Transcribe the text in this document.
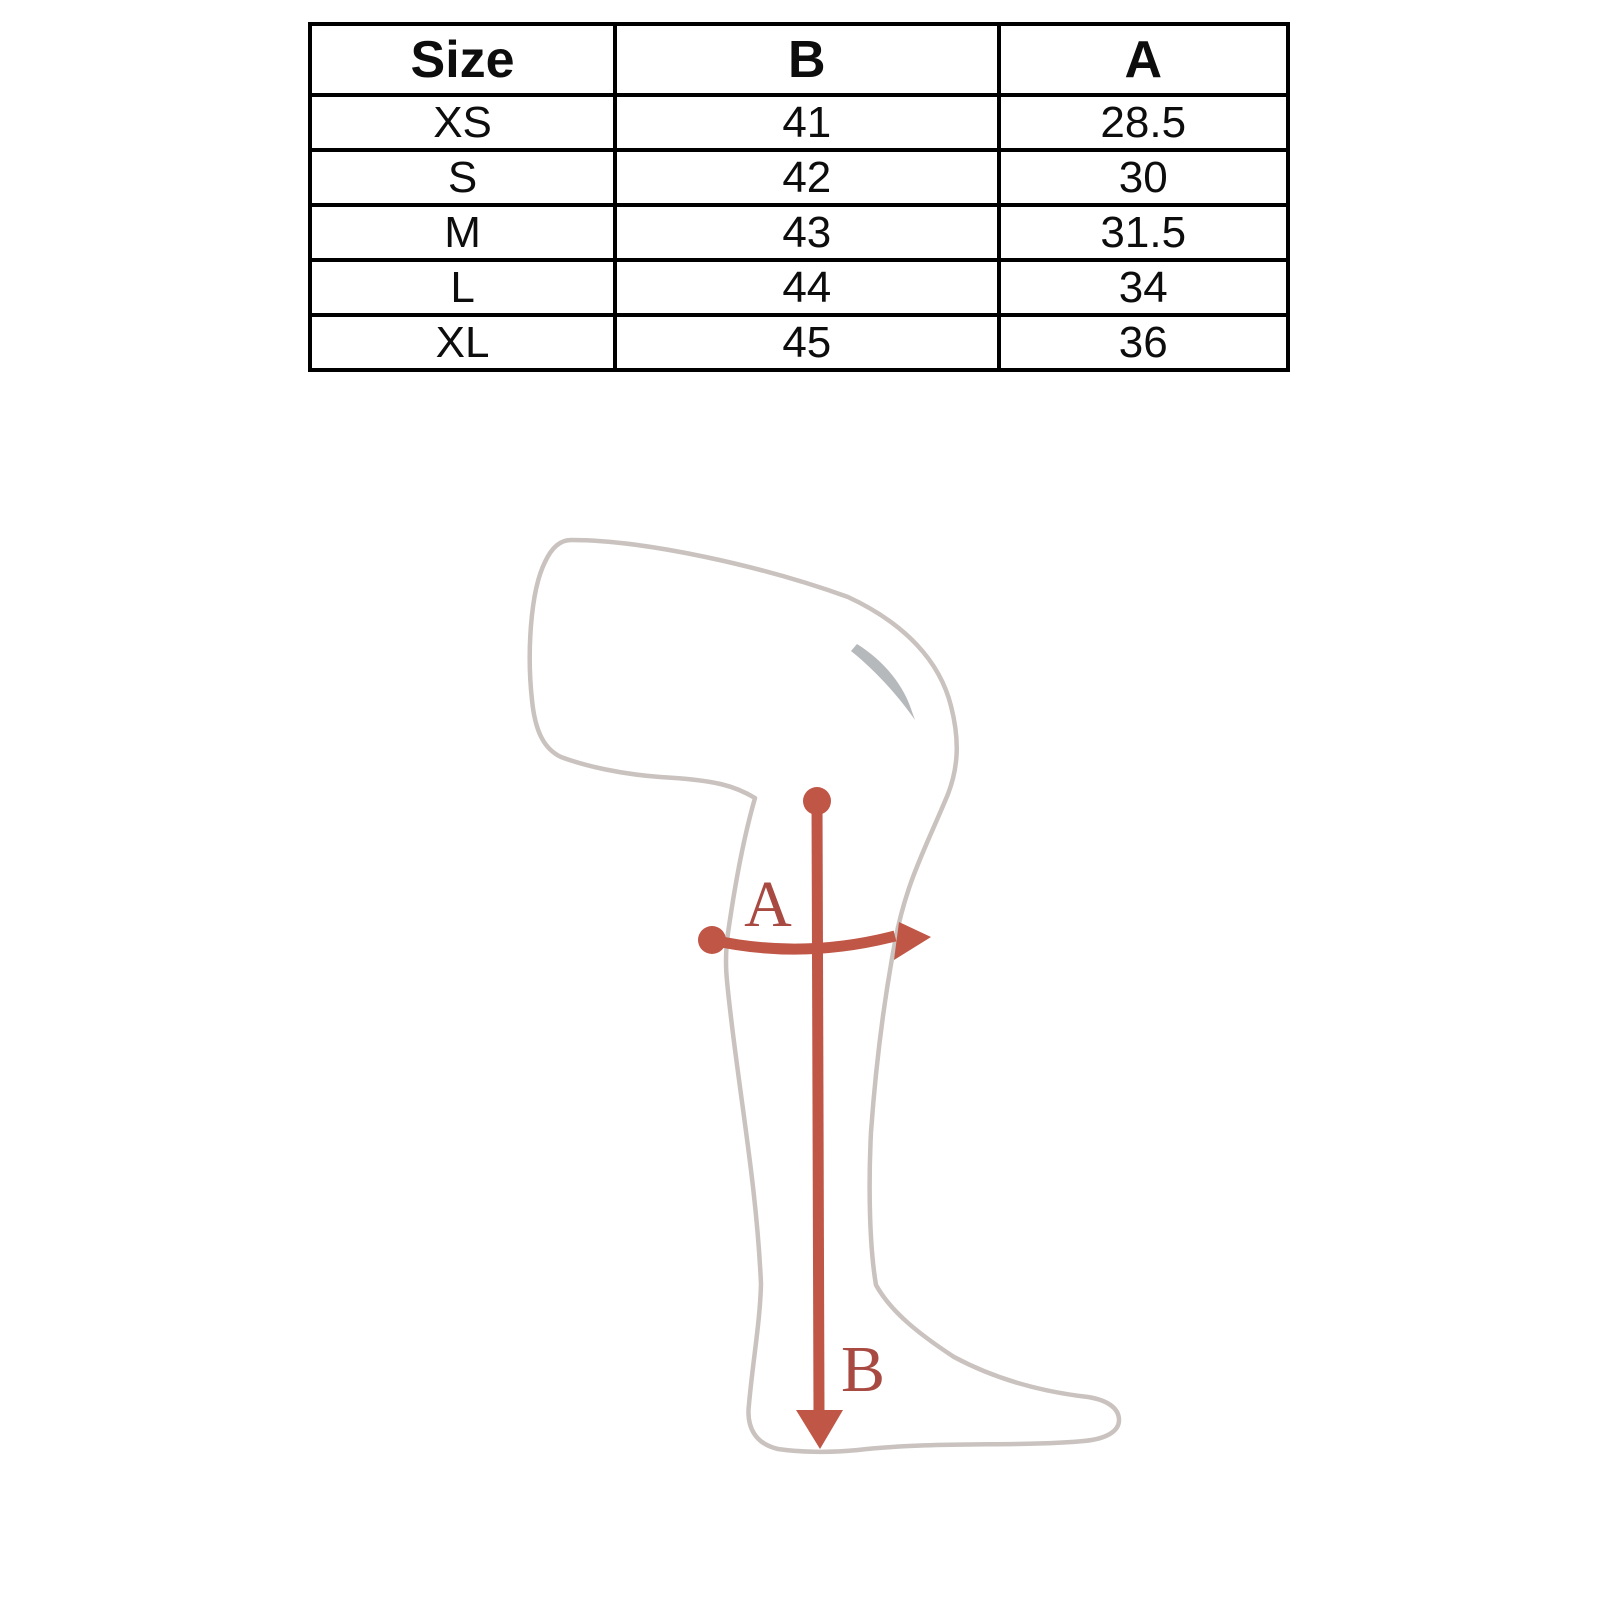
Size	B	A
XS	41	28.5
S	42	30
M	43	31.5
L	44	34
XL	45	36
A
B
